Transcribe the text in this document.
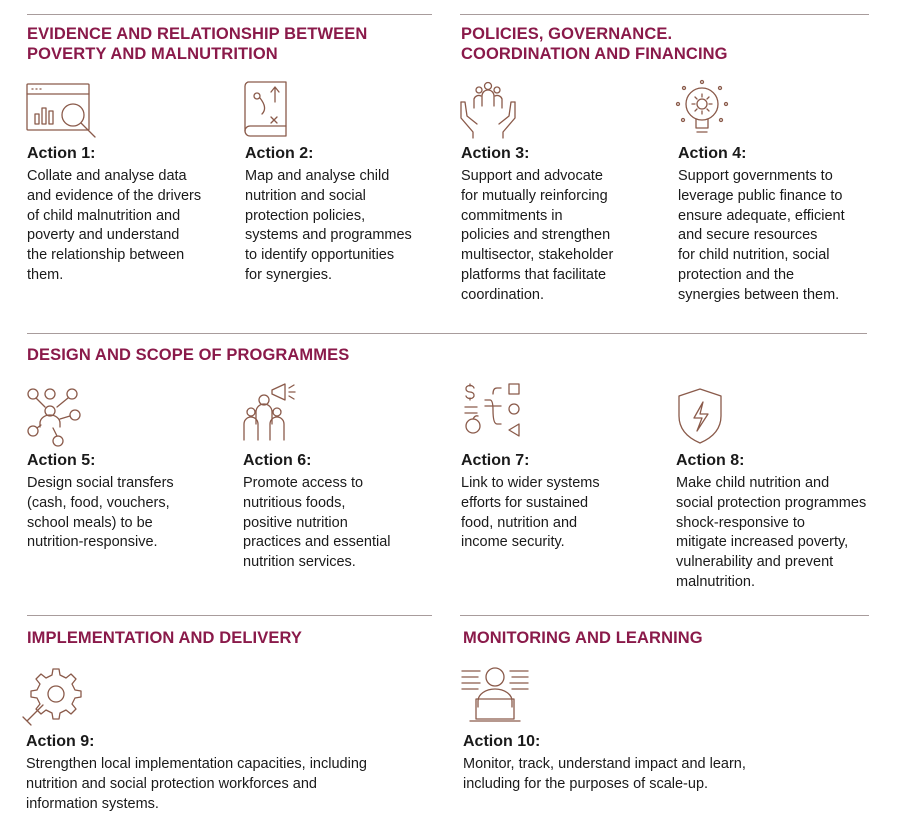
EVIDENCE AND RELATIONSHIP BETWEEN
POVERTY AND MALNUTRITION
POLICIES, GOVERNANCE.
COORDINATION AND FINANCING
DESIGN AND SCOPE OF PROGRAMMES
IMPLEMENTATION AND DELIVERY	MONITORING AND LEARNING
Action 1:
Collate and analyse data
and evidence of the drivers
of child malnutrition and
poverty and understand
the relationship between
them.
Action 2:
Map and analyse child
nutrition and social
protection policies,
systems and programmes
to identify opportunities
for synergies.
Action 3:
Support and advocate
for mutually reinforcing
commitments in
policies and strengthen
multisector, stakeholder
platforms that facilitate
coordination.
Action 4:
Support governments to
leverage public finance to
ensure adequate, efficient
and secure resources
for child nutrition, social
protection and the
synergies between them.
Action 5:
Design social transfers
(cash, food, vouchers,
school meals) to be
nutrition-responsive.
Action 6:
Promote access to
nutritious foods,
positive nutrition
practices and essential
nutrition services.
Action 7:
Link to wider systems
efforts for sustained
food, nutrition and
income security.
Action 8:
Make child nutrition and
social protection programmes
shock-responsive to
mitigate increased poverty,
vulnerability and prevent
malnutrition.
Action 9:
Strengthen local implementation capacities, including
nutrition and social protection workforces and
information systems.
Action 10:
Monitor, track, understand impact and learn,
including for the purposes of scale-up.
